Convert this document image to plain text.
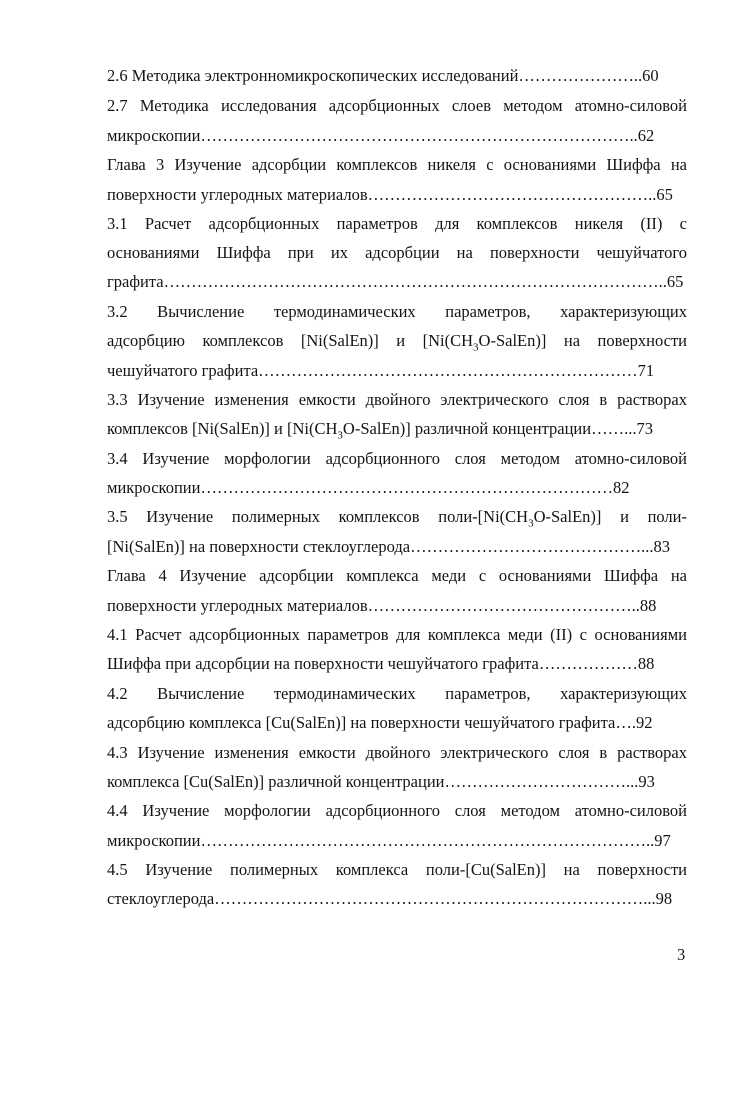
2.6 Методика электронномикроскопических исследований…………………..60
2.7 Методика исследования адсорбционных слоев методом атомно-силовой
микроскопии……………………………………………………………………..62
Глава 3 Изучение адсорбции комплексов никеля с основаниями Шиффа на
поверхности углеродных материалов……………………………………………..65
3.1 Расчет адсорбционных параметров для комплексов никеля (II) с
основаниями Шиффа при их адсорбции на поверхности чешуйчатого
графита………………………………………………………………………………..65
3.2 Вычисление термодинамических параметров, характеризующих
адсорбцию комплексов [Ni(SalEn)] и $[Ni(CH_3O-SalEn)]$ на поверхности
чешуйчатого графита……………………………………………………………71
3.3 Изучение изменения емкости двойного электрического слоя в растворах
комплексов [Ni(SalEn)] и $[Ni(CH_3O-SalEn)]$ различной концентрации……...73
3.4 Изучение морфологии адсорбционного слоя методом атомно-силовой
микроскопии…………………………………………………………………82
3.5 Изучение полимерных комплексов поли-$[Ni(CH_3O-SalEn)]$ и поли-
[Ni(SalEn)] на поверхности стеклоуглерода……………………………………...83
Глава 4 Изучение адсорбции комплекса меди с основаниями Шиффа на
поверхности углеродных материалов…………………………………………..88
4.1 Расчет адсорбционных параметров для комплекса меди (II) с основаниями
Шиффа при адсорбции на поверхности чешуйчатого графита………………88
4.2 Вычисление термодинамических параметров, характеризующих
адсорбцию комплекса [Cu(SalEn)] на поверхности чешуйчатого графита….92
4.3 Изучение изменения емкости двойного электрического слоя в растворах
комплекса [Cu(SalEn)] различной концентрации……………………………...93
4.4 Изучение морфологии адсорбционного слоя методом атомно-силовой
микроскопии………………………………………………………………………..97
4.5 Изучение полимерных комплекса поли-[Cu(SalEn)] на поверхности
стеклоуглерода……………………………………………………………………...98
3
